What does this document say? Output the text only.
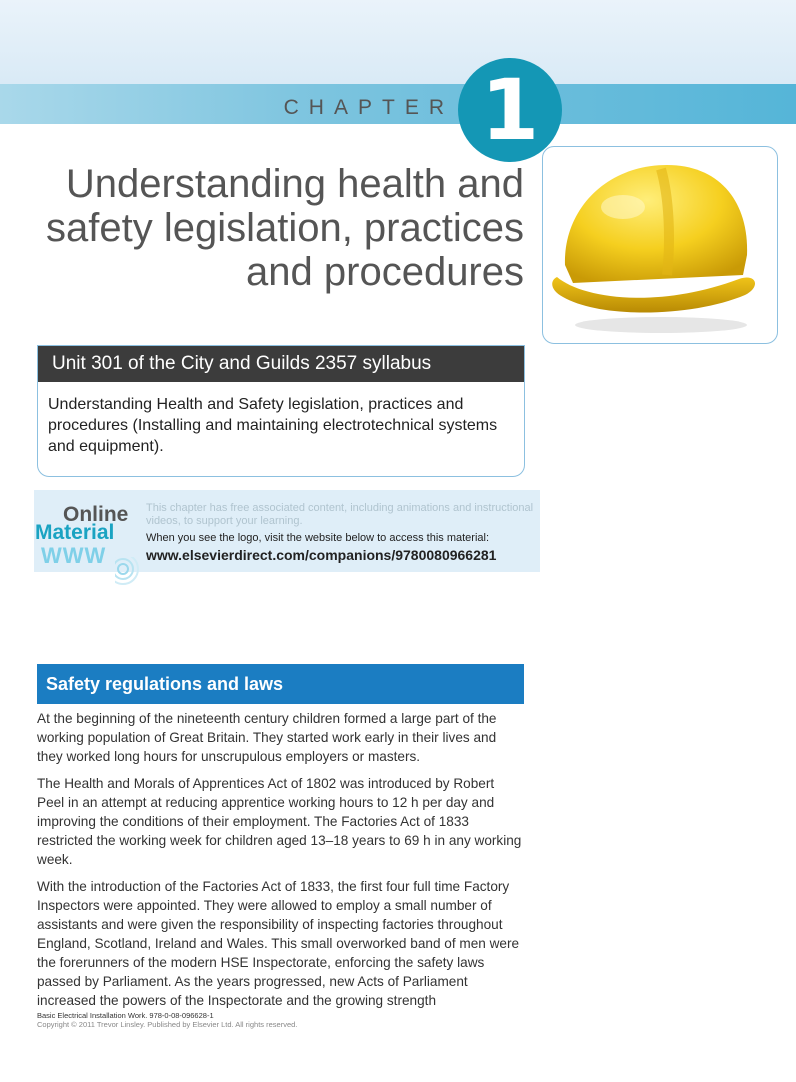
CHAPTER 1
Understanding health and
safety legislation, practices
and procedures
Unit 301 of the City and Guilds 2357 syllabus
Understanding Health and Safety legislation, practices and procedures (Installing and maintaining electrotechnical systems and equipment).
Online
Material
WWW

This chapter has free associated content, including animations and instructional videos, to support your learning.

When you see the logo, visit the website below to access this material:

www.elsevierdirect.com/companions/9780080966281

Safety regulations and laws

At the beginning of the nineteenth century children formed a large part of the working population of Great Britain. They started work early in their lives and they worked long hours for unscrupulous employers or masters.

The Health and Morals of Apprentices Act of 1802 was introduced by Robert Peel in an attempt at reducing apprentice working hours to 12 h per day and improving the conditions of their employment. The Factories Act of 1833 restricted the working week for children aged 13–18 years to 69 h in any working week.

With the introduction of the Factories Act of 1833, the first four full time Factory Inspectors were appointed. They were allowed to employ a small number of assistants and were given the responsibility of inspecting factories throughout England, Scotland, Ireland and Wales. This small overworked band of men were the forerunners of the modern HSE Inspectorate, enforcing the safety laws passed by Parliament. As the years progressed, new Acts of Parliament increased the powers of the Inspectorate and the growing strength

Basic Electrical Installation Work. 978-0-08-096628-1

Copyright © 2011 Trevor Linsley. Published by Elsevier Ltd. All rights reserved.
